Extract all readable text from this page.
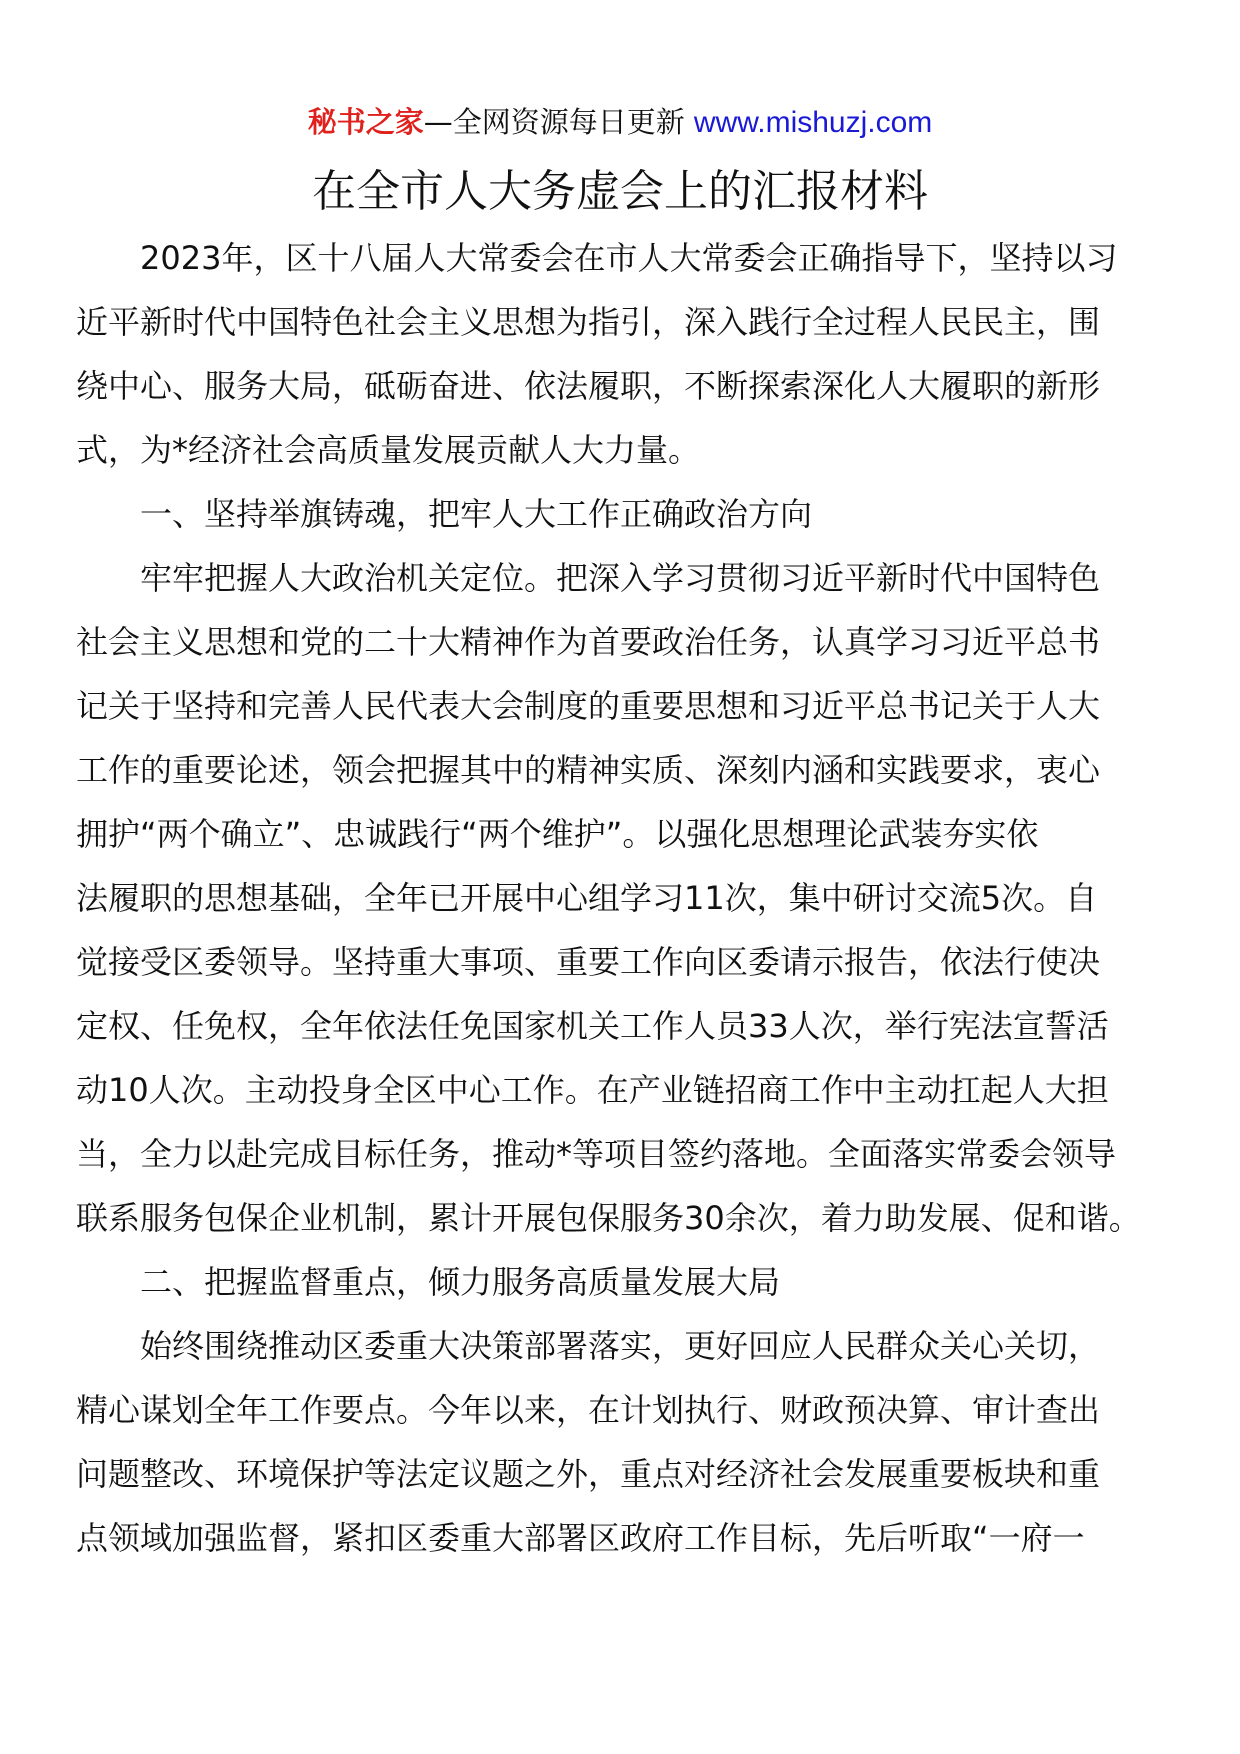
秘书之家—全网资源每日更新 www.mishuzj.com
在全市人大务虚会上的汇报材料
2023年，区十八届人大常委会在市人大常委会正确指导下，坚持以习
近平新时代中国特色社会主义思想为指引，深入践行全过程人民民主，围
绕中心、服务大局，砥砺奋进、依法履职，不断探索深化人大履职的新形
式，为*经济社会高质量发展贡献人大力量。
一、坚持举旗铸魂，把牢人大工作正确政治方向
牢牢把握人大政治机关定位。把深入学习贯彻习近平新时代中国特色
社会主义思想和党的二十大精神作为首要政治任务，认真学习习近平总书
记关于坚持和完善人民代表大会制度的重要思想和习近平总书记关于人大
工作的重要论述，领会把握其中的精神实质、深刻内涵和实践要求，衷心
拥护“两个确立”、忠诚践行“两个维护”。以强化思想理论武装夯实依
法履职的思想基础，全年已开展中心组学习11次，集中研讨交流5次。自
觉接受区委领导。坚持重大事项、重要工作向区委请示报告，依法行使决
定权、任免权，全年依法任免国家机关工作人员33人次，举行宪法宣誓活
动10人次。主动投身全区中心工作。在产业链招商工作中主动扛起人大担
当，全力以赴完成目标任务，推动*等项目签约落地。全面落实常委会领导
联系服务包保企业机制，累计开展包保服务30余次，着力助发展、促和谐。
二、把握监督重点，倾力服务高质量发展大局
始终围绕推动区委重大决策部署落实，更好回应人民群众关心关切，
精心谋划全年工作要点。今年以来，在计划执行、财政预决算、审计查出
问题整改、环境保护等法定议题之外，重点对经济社会发展重要板块和重
点领域加强监督，紧扣区委重大部署区政府工作目标，先后听取“一府一
